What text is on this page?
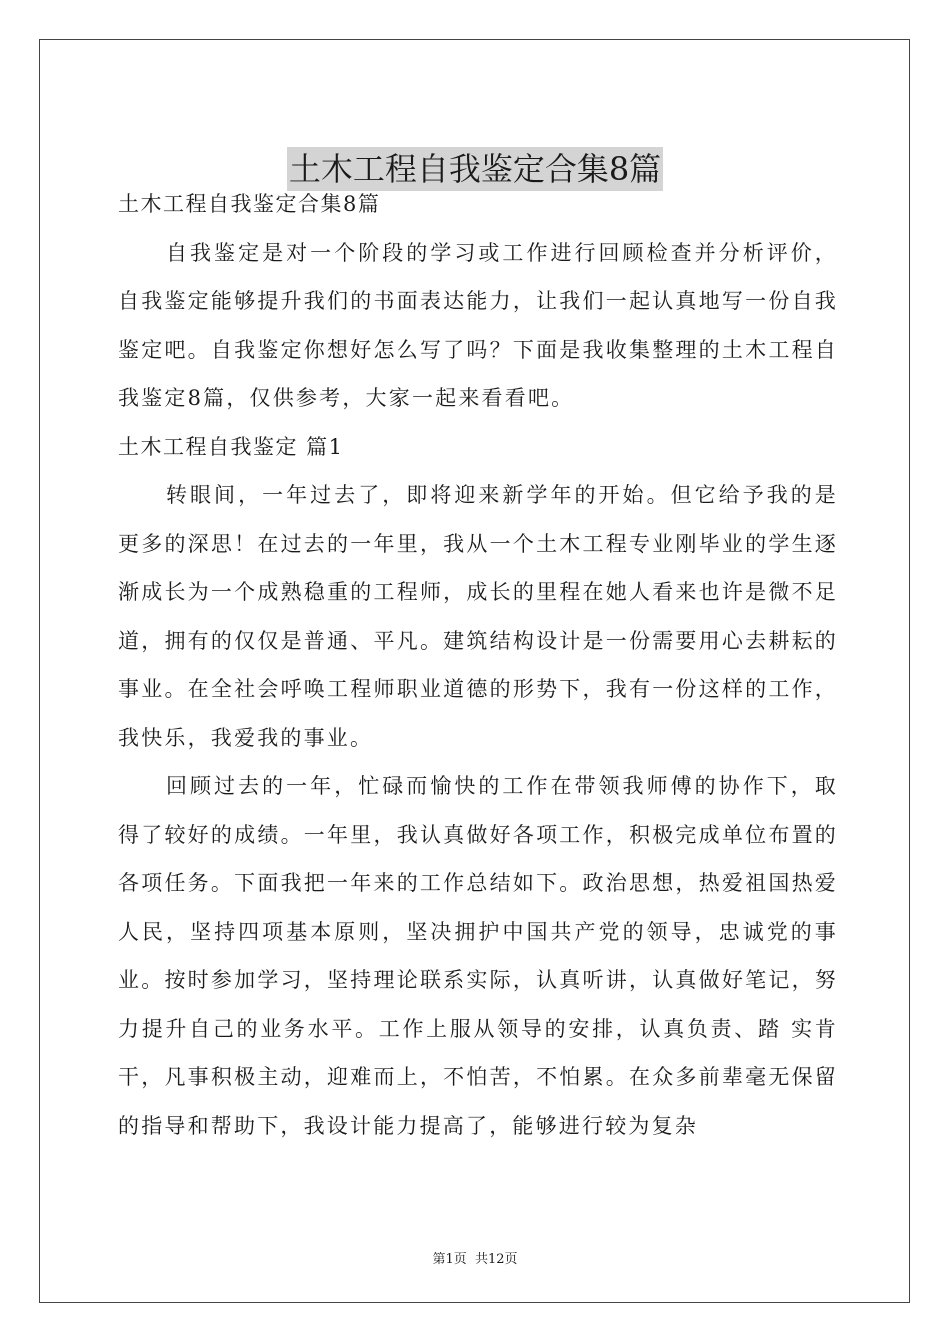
土木工程自我鉴定合集8篇

土木工程自我鉴定合集8篇

自我鉴定是对一个阶段的学习或工作进行回顾检查并分析评价，自我鉴定能够提升我们的书面表达能力，让我们一起认真地写一份自我鉴定吧。自我鉴定你想好怎么写了吗？下面是我收集整理的土木工程自我鉴定8篇，仅供参考，大家一起来看看吧。

土木工程自我鉴定 篇1

转眼间，一年过去了，即将迎来新学年的开始。但它给予我的是更多的深思！在过去的一年里，我从一个土木工程专业刚毕业的学生逐渐成长为一个成熟稳重的工程师，成长的里程在她人看来也许是微不足道，拥有的仅仅是普通、平凡。建筑结构设计是一份需要用心去耕耘的事业。在全社会呼唤工程师职业道德的形势下，我有一份这样的工作，我快乐，我爱我的事业。

回顾过去的一年，忙碌而愉快的工作在带领我师傅的协作下，取得了较好的成绩。一年里，我认真做好各项工作，积极完成单位布置的各项任务。下面我把一年来的工作总结如下。政治思想，热爱祖国热爱人民，坚持四项基本原则，坚决拥护中国共产党的领导，忠诚党的事业。按时参加学习，坚持理论联系实际，认真听讲，认真做好笔记，努力提升自己的业务水平。工作上服从领导的安排，认真负责、踏 实肯干，凡事积极主动，迎难而上，不怕苦，不怕累。在众多前辈毫无保留的指导和帮助下，我设计能力提高了，能够进行较为复杂

第1页 共12页
